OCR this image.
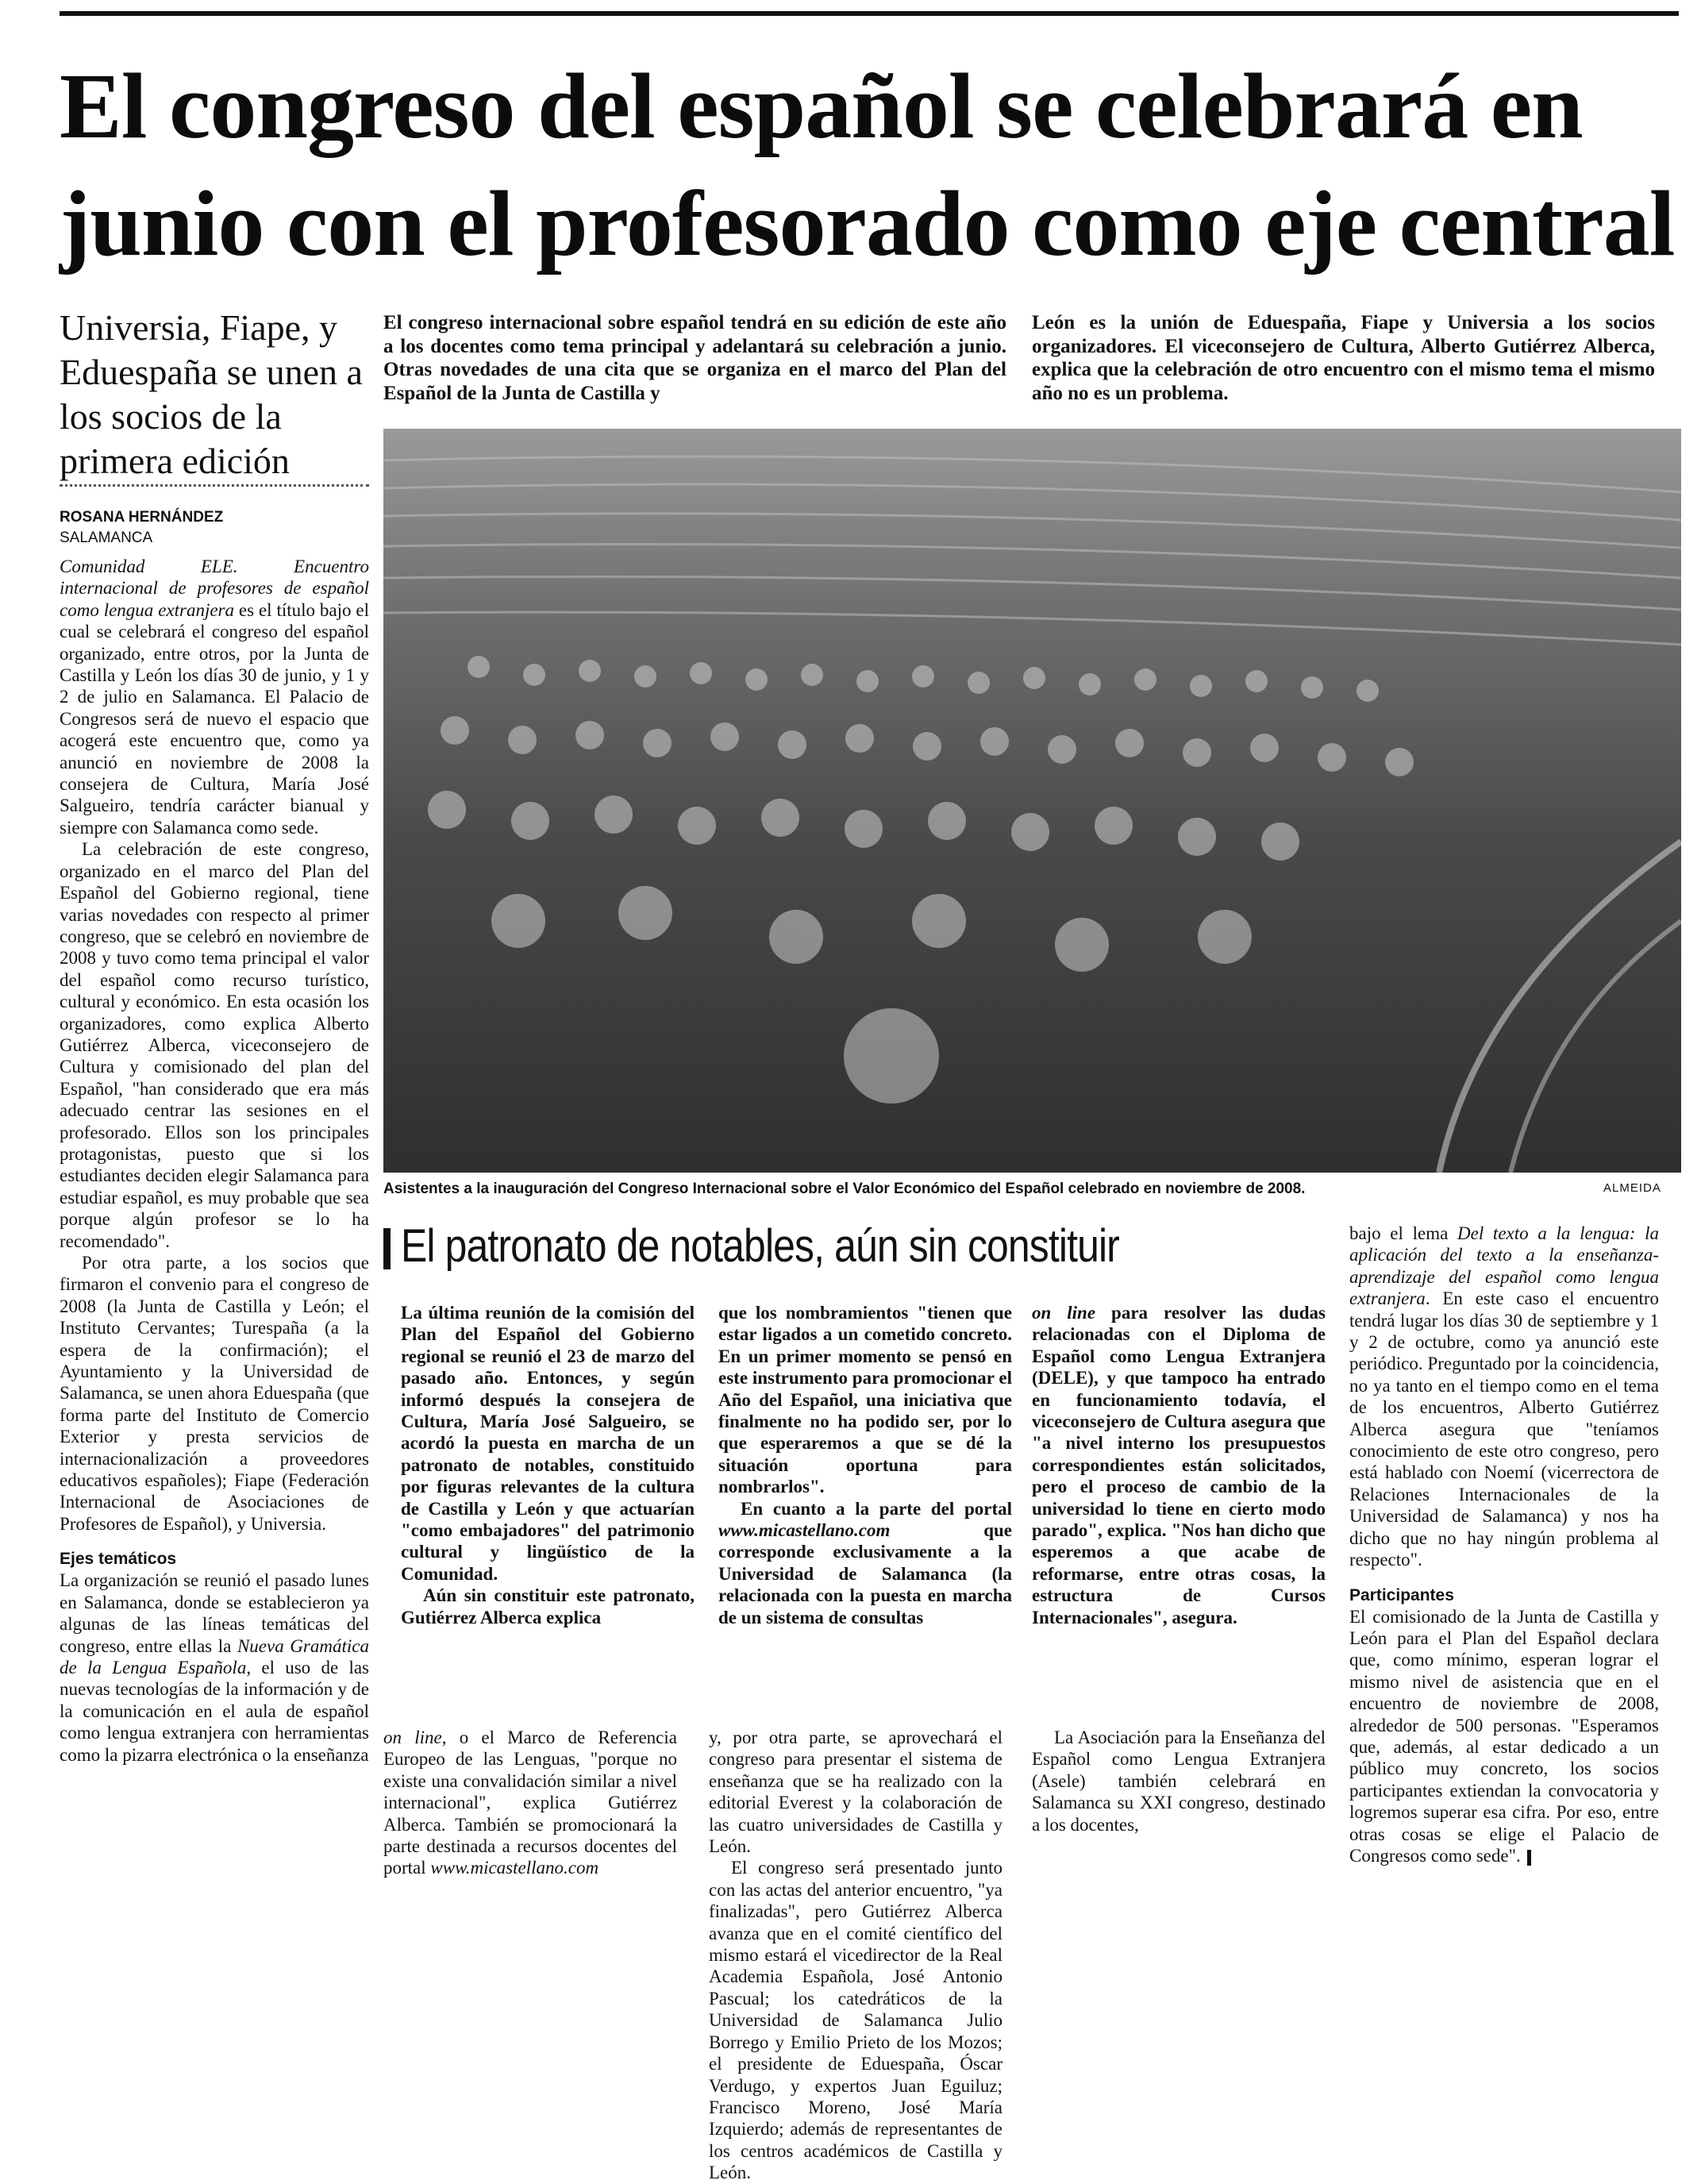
El congreso del español se celebrará en
junio con el profesorado como eje central
Universia, Fiape, y Eduespaña se unen a los socios de la primera edición
ROSANA HERNÁNDEZ
SALAMANCA
El congreso internacional sobre español tendrá en su edición de este año a los docentes como tema principal y adelantará su celebración a junio. Otras novedades de una cita que se organiza en el marco del Plan del Español de la Junta de Castilla y
León es la unión de Eduespaña, Fiape y Universia a los socios organizadores. El viceconsejero de Cultura, Alberto Gutiérrez Alberca, explica que la celebración de otro encuentro con el mismo tema el mismo año no es un problema.
Asistentes a la inauguración del Congreso Internacional sobre el Valor Económico del Español celebrado en noviembre de 2008.	ALMEIDA

Comunidad ELE. Encuentro internacional de profesores de español como lengua extranjera es el título bajo el cual se celebrará el congreso del español organizado, entre otros, por la Junta de Castilla y León los días 30 de junio, y 1 y 2 de julio en Salamanca. El Palacio de Congresos será de nuevo el espacio que acogerá este encuentro que, como ya anunció en noviembre de 2008 la consejera de Cultura, María José Salgueiro, tendría carácter bianual y siempre con Salamanca como sede.

La celebración de este congreso, organizado en el marco del Plan del Español del Gobierno regional, tiene varias novedades con respecto al primer congreso, que se celebró en noviembre de 2008 y tuvo como tema principal el valor del español como recurso turístico, cultural y económico. En esta ocasión los organizadores, como explica Alberto Gutiérrez Alberca, viceconsejero de Cultura y comisionado del plan del Español, "han considerado que era más adecuado centrar las sesiones en el profesorado. Ellos son los principales protagonistas, puesto que si los estudiantes deciden elegir Salamanca para estudiar español, es muy probable que sea porque algún profesor se lo ha recomendado".

Por otra parte, a los socios que firmaron el convenio para el congreso de 2008 (la Junta de Castilla y León; el Instituto Cervantes; Turespaña (a la espera de la confirmación); el Ayuntamiento y la Universidad de Salamanca, se unen ahora Eduespaña (que forma parte del Instituto de Comercio Exterior y presta servicios de internacionalización a proveedores educativos españoles); Fiape (Federación Internacional de Asociaciones de Profesores de Español), y Universia.

Ejes temáticos

La organización se reunió el pasado lunes en Salamanca, donde se establecieron ya algunas de las líneas temáticas del congreso, entre ellas la Nueva Gramática de la Lengua Española, el uso de las nuevas tecnologías de la información y de la comunicación en el aula de español como lengua extranjera con herramientas como la pizarra electrónica o la enseñanza

on line, o el Marco de Referencia Europeo de las Lenguas, "porque no existe una convalidación similar a nivel internacional", explica Gutiérrez Alberca. También se promocionará la parte destinada a recursos docentes del portal www.micastellano.com

y, por otra parte, se aprovechará el congreso para presentar el sistema de enseñanza que se ha realizado con la editorial Everest y la colaboración de las cuatro universidades de Castilla y León.

El congreso será presentado junto con las actas del anterior encuentro, "ya finalizadas", pero Gutiérrez Alberca avanza que en el comité científico del mismo estará el vicedirector de la Real Academia Española, José Antonio Pascual; los catedráticos de la Universidad de Salamanca Julio Borrego y Emilio Prieto de los Mozos; el presidente de Eduespaña, Óscar Verdugo, y expertos Juan Eguiluz; Francisco Moreno, José María Izquierdo; además de representantes de los centros académicos de Castilla y León.

La Asociación para la Enseñanza del Español como Lengua Extranjera (Asele) también celebrará en Salamanca su XXI congreso, destinado a los docentes,

bajo el lema Del texto a la lengua: la aplicación del texto a la enseñanza-aprendizaje del español como lengua extranjera. En este caso el encuentro tendrá lugar los días 30 de septiembre y 1 y 2 de octubre, como ya anunció este periódico. Preguntado por la coincidencia, no ya tanto en el tiempo como en el tema de los encuentros, Alberto Gutiérrez Alberca asegura que "teníamos conocimiento de este otro congreso, pero está hablado con Noemí (vicerrectora de Relaciones Internacionales de la Universidad de Salamanca) y nos ha dicho que no hay ningún problema al respecto".

Participantes

El comisionado de la Junta de Castilla y León para el Plan del Español declara que, como mínimo, esperan lograr el mismo nivel de asistencia que en el encuentro de noviembre de 2008, alrededor de 500 personas. "Esperamos que, además, al estar dedicado a un público muy concreto, los socios participantes extiendan la convocatoria y logremos superar esa cifra. Por eso, entre otras cosas se elige el Palacio de Congresos como sede".

El patronato de notables, aún sin constituir

La última reunión de la comisión del Plan del Español del Gobierno regional se reunió el 23 de marzo del pasado año. Entonces, y según informó después la consejera de Cultura, María José Salgueiro, se acordó la puesta en marcha de un patronato de notables, constituido por figuras relevantes de la cultura de Castilla y León y que actuarían "como embajadores" del patrimonio cultural y lingüístico de la Comunidad.

Aún sin constituir este patronato, Gutiérrez Alberca explica

que los nombramientos "tienen que estar ligados a un cometido concreto. En un primer momento se pensó en este instrumento para promocionar el Año del Español, una iniciativa que finalmente no ha podido ser, por lo que esperaremos a que se dé la situación oportuna para nombrarlos".

En cuanto a la parte del portal www.micastellano.com que corresponde exclusivamente a la Universidad de Salamanca (la relacionada con la puesta en marcha de un sistema de consultas

on line para resolver las dudas relacionadas con el Diploma de Español como Lengua Extranjera (DELE), y que tampoco ha entrado en funcionamiento todavía, el viceconsejero de Cultura asegura que "a nivel interno los presupuestos correspondientes están solicitados, pero el proceso de cambio de la universidad lo tiene en cierto modo parado", explica. "Nos han dicho que esperemos a que acabe de reformarse, entre otras cosas, la estructura de Cursos Internacionales", asegura.
